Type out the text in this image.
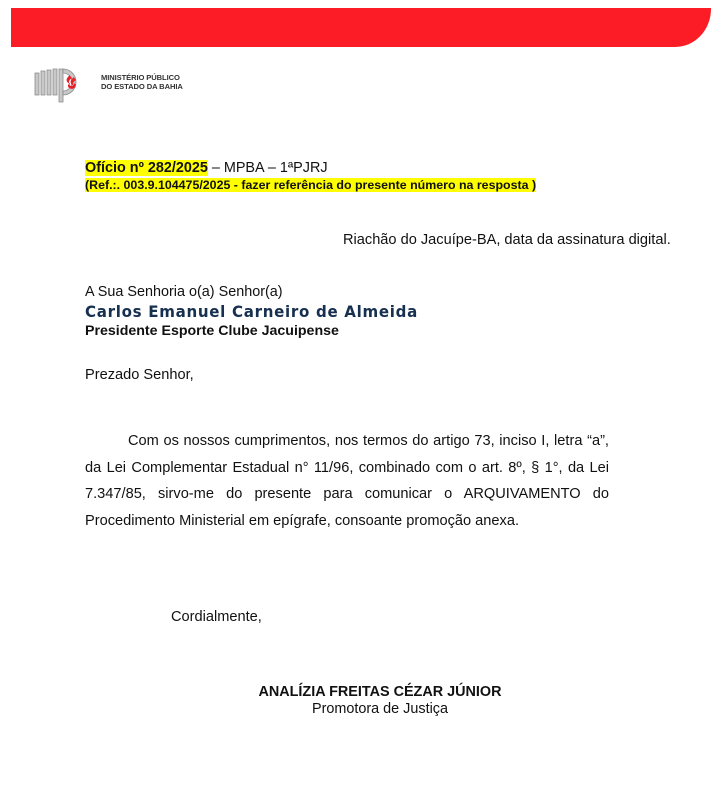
MINISTÉRIO PÚBLICO
DO ESTADO DA BAHIA
Ofício nº 282/2025 – MPBA – 1ªPJRJ
(Ref.:. 003.9.104475/2025 - fazer referência do presente número na resposta )
Riachão do Jacuípe-BA, data da assinatura digital.
A Sua Senhoria o(a) Senhor(a)
Carlos Emanuel Carneiro de Almeida
Presidente Esporte Clube Jacuipense
Prezado Senhor,
Com os nossos cumprimentos, nos termos do artigo 73, inciso I, letra “a”, da Lei Complementar Estadual n° 11/96, combinado com o art. 8º, § 1°, da Lei 7.347/85, sirvo-me do presente para comunicar o ARQUIVAMENTO do Procedimento Ministerial em epígrafe, consoante promoção anexa.
Cordialmente,
ANALÍZIA FREITAS CÉZAR JÚNIOR
Promotora de Justiça
